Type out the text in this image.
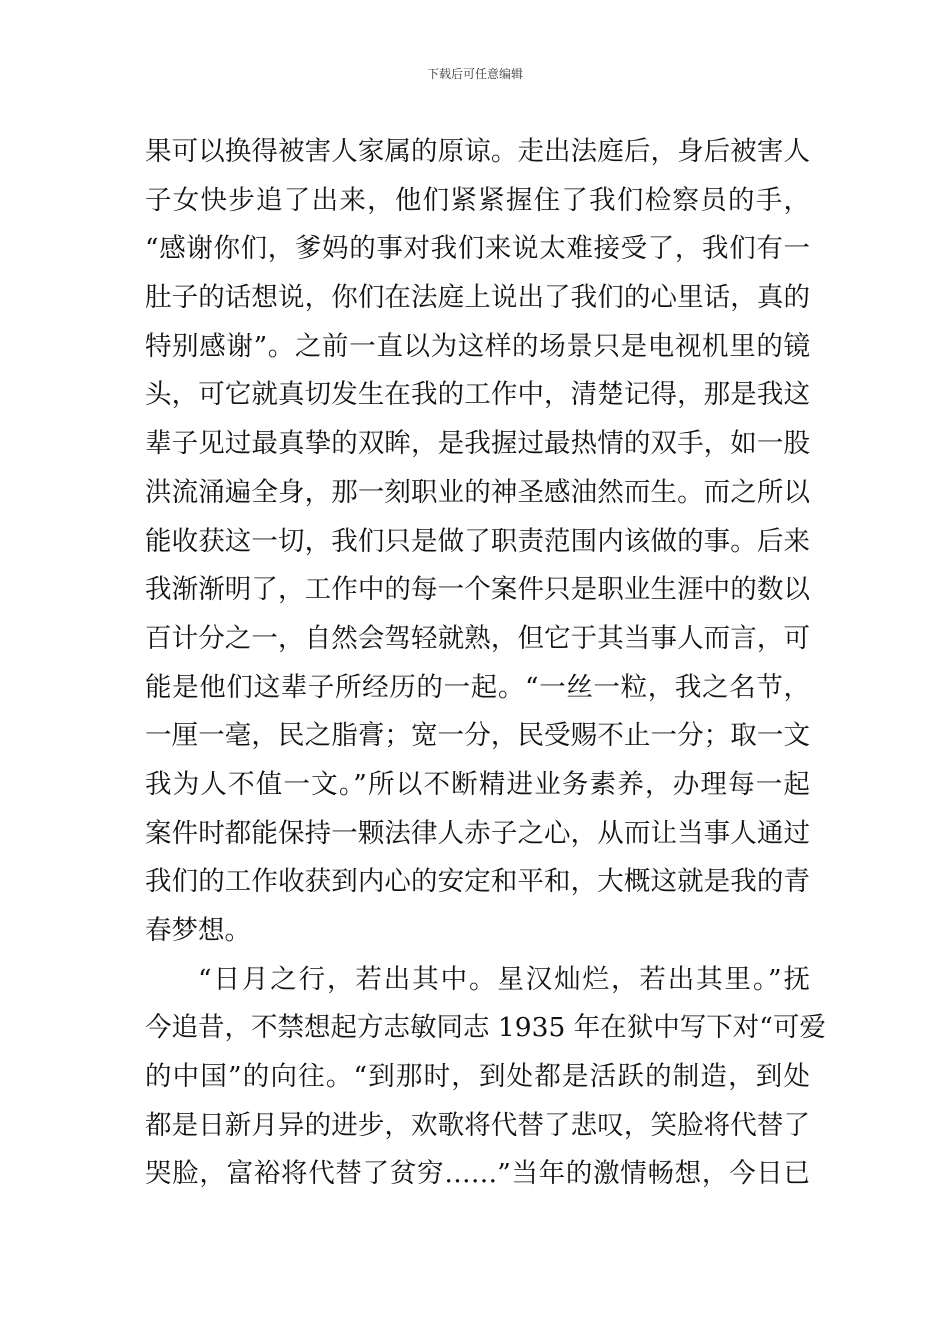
下载后可任意编辑
果可以换得被害人家属的原谅。走出法庭后，身后被害人
子女快步追了出来，他们紧紧握住了我们检察员的手，
“感谢你们，爹妈的事对我们来说太难接受了，我们有一
肚子的话想说，你们在法庭上说出了我们的心里话，真的
特别感谢”。之前一直以为这样的场景只是电视机里的镜
头，可它就真切发生在我的工作中，清楚记得，那是我这
辈子见过最真挚的双眸，是我握过最热情的双手，如一股
洪流涌遍全身，那一刻职业的神圣感油然而生。而之所以
能收获这一切，我们只是做了职责范围内该做的事。后来
我渐渐明了，工作中的每一个案件只是职业生涯中的数以
百计分之一，自然会驾轻就熟，但它于其当事人而言，可
能是他们这辈子所经历的一起。“一丝一粒，我之名节，
一厘一毫，民之脂膏；宽一分，民受赐不止一分；取一文
我为人不值一文。”所以不断精进业务素养，办理每一起
案件时都能保持一颗法律人赤子之心，从而让当事人通过
我们的工作收获到内心的安定和平和，大概这就是我的青
春梦想。
“日月之行，若出其中。星汉灿烂，若出其里。”抚
今追昔，不禁想起方志敏同志 1935 年在狱中写下对“可爱
的中国”的向往。“到那时，到处都是活跃的制造，到处
都是日新月异的进步，欢歌将代替了悲叹，笑脸将代替了
哭脸，富裕将代替了贫穷……”当年的激情畅想，今日已
